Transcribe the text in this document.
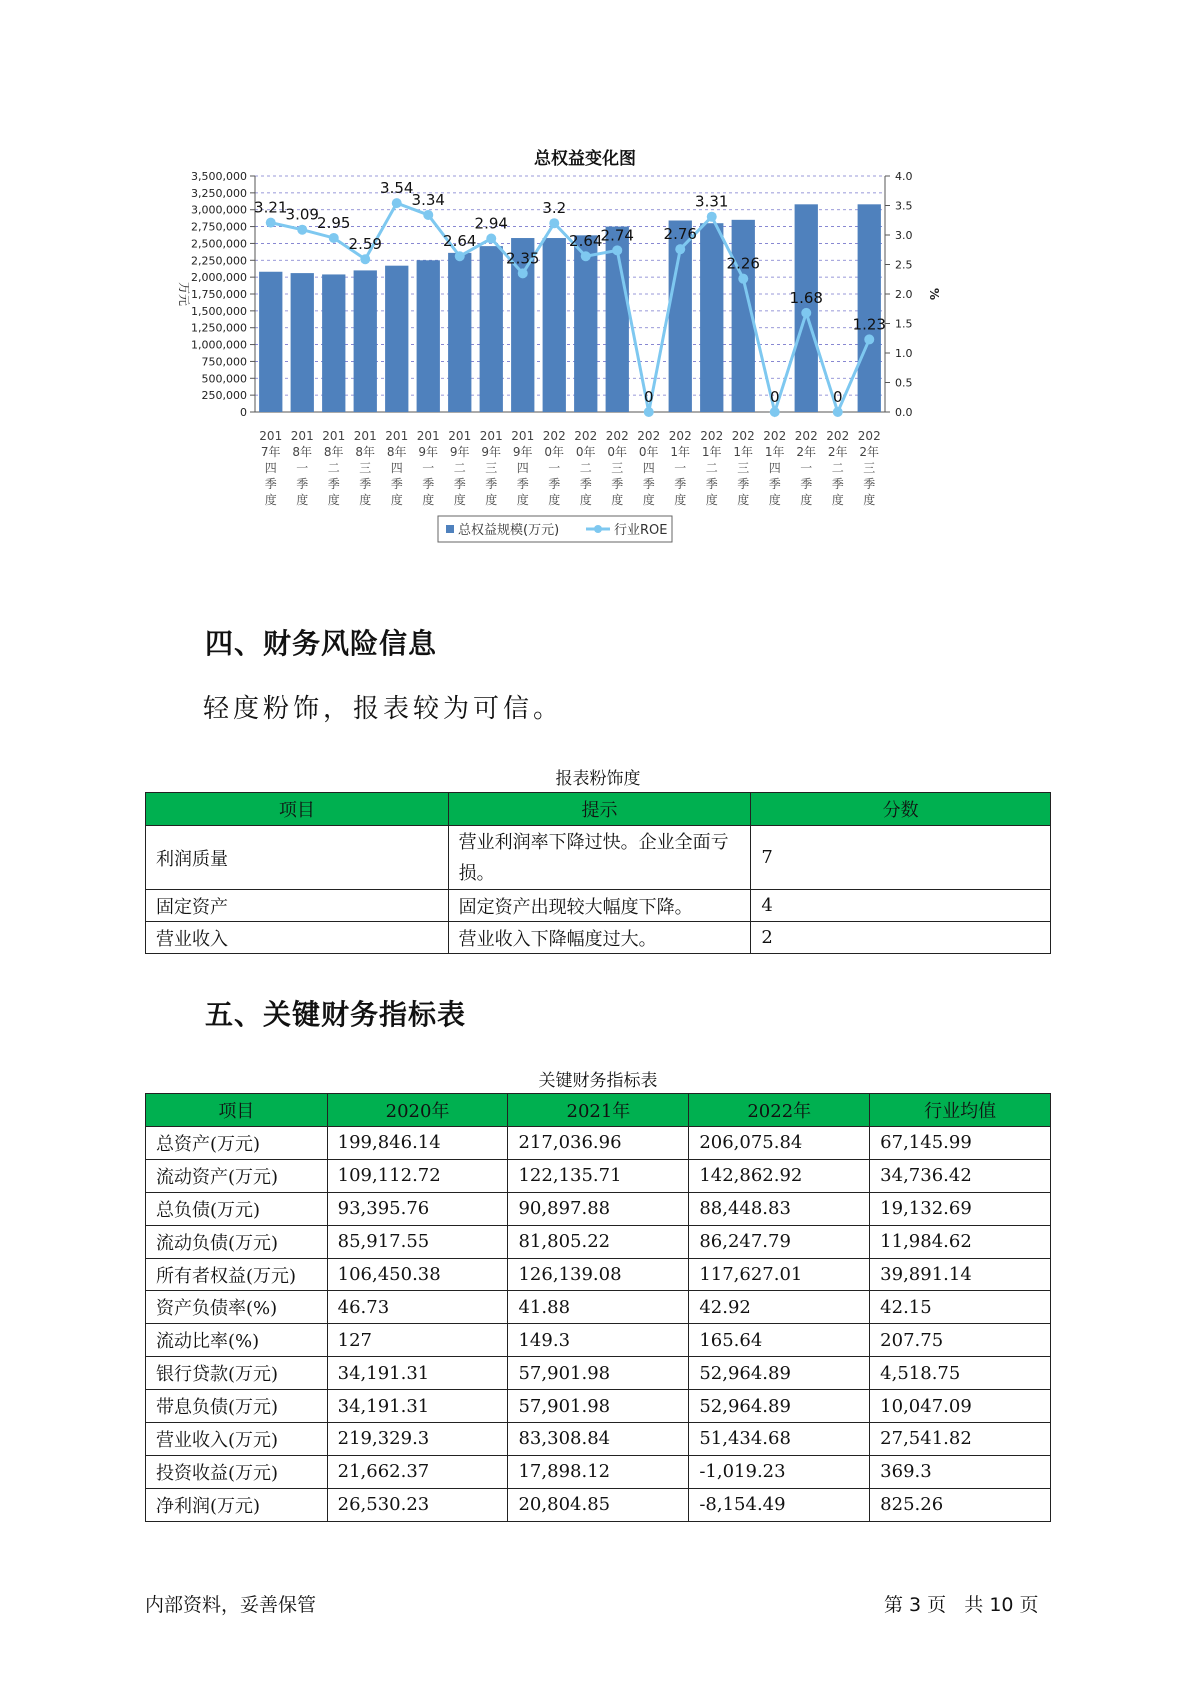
总权益变化图
0
250,000
500,000
750,000
1,000,000
1,250,000
1,500,000
1,750,000
2,000,000
2,250,000
2,500,000
2,750,000
3,000,000
3,250,000
3,500,000
0.0
0.5
1.0
1.5
2.0
2.5
3.0
3.5
4.0
万元	%
3.21
3.09
2.95
2.59
3.54
3.34
2.64
2.94
2.35
3.2
2.64
2.74
0
2.76
3.31
2.26
0
1.68
0
1.23
201 7年四季度
201 8年一季度
201 8年二季度
201 8年三季度
201 8年四季度
201 9年一季度
201 9年二季度
201 9年三季度
201 9年四季度
202 0年一季度
202 0年二季度
202 0年三季度
202 0年四季度
202 1年一季度
202 1年二季度
202 1年三季度
202 1年四季度
202 2年一季度
202 2年二季度
202 2年三季度
总权益规模(万元)	行业ROE
四、财务风险信息
轻度粉饰，报表较为可信。
报表粉饰度
项目	提示	分数
利润质量	营业利润率下降过快。企业全面亏损。	7
固定资产	固定资产出现较大幅度下降。	4
营业收入	营业收入下降幅度过大。	2
五、关键财务指标表
关键财务指标表
项目	2020年	2021年	2022年	行业均值
总资产(万元)	199,846.14	217,036.96	206,075.84	67,145.99
流动资产(万元)	109,112.72	122,135.71	142,862.92	34,736.42
总负债(万元)	93,395.76	90,897.88	88,448.83	19,132.69
流动负债(万元)	85,917.55	81,805.22	86,247.79	11,984.62
所有者权益(万元)	106,450.38	126,139.08	117,627.01	39,891.14
资产负债率(%)	46.73	41.88	42.92	42.15
流动比率(%)	127	149.3	165.64	207.75
银行贷款(万元)	34,191.31	57,901.98	52,964.89	4,518.75
带息负债(万元)	34,191.31	57,901.98	52,964.89	10,047.09
营业收入(万元)	219,329.3	83,308.84	51,434.68	27,541.82
投资收益(万元)	21,662.37	17,898.12	-1,019.23	369.3
净利润(万元)	26,530.23	20,804.85	-8,154.49	825.26
内部资料，妥善保管	第 3 页   共 10 页
